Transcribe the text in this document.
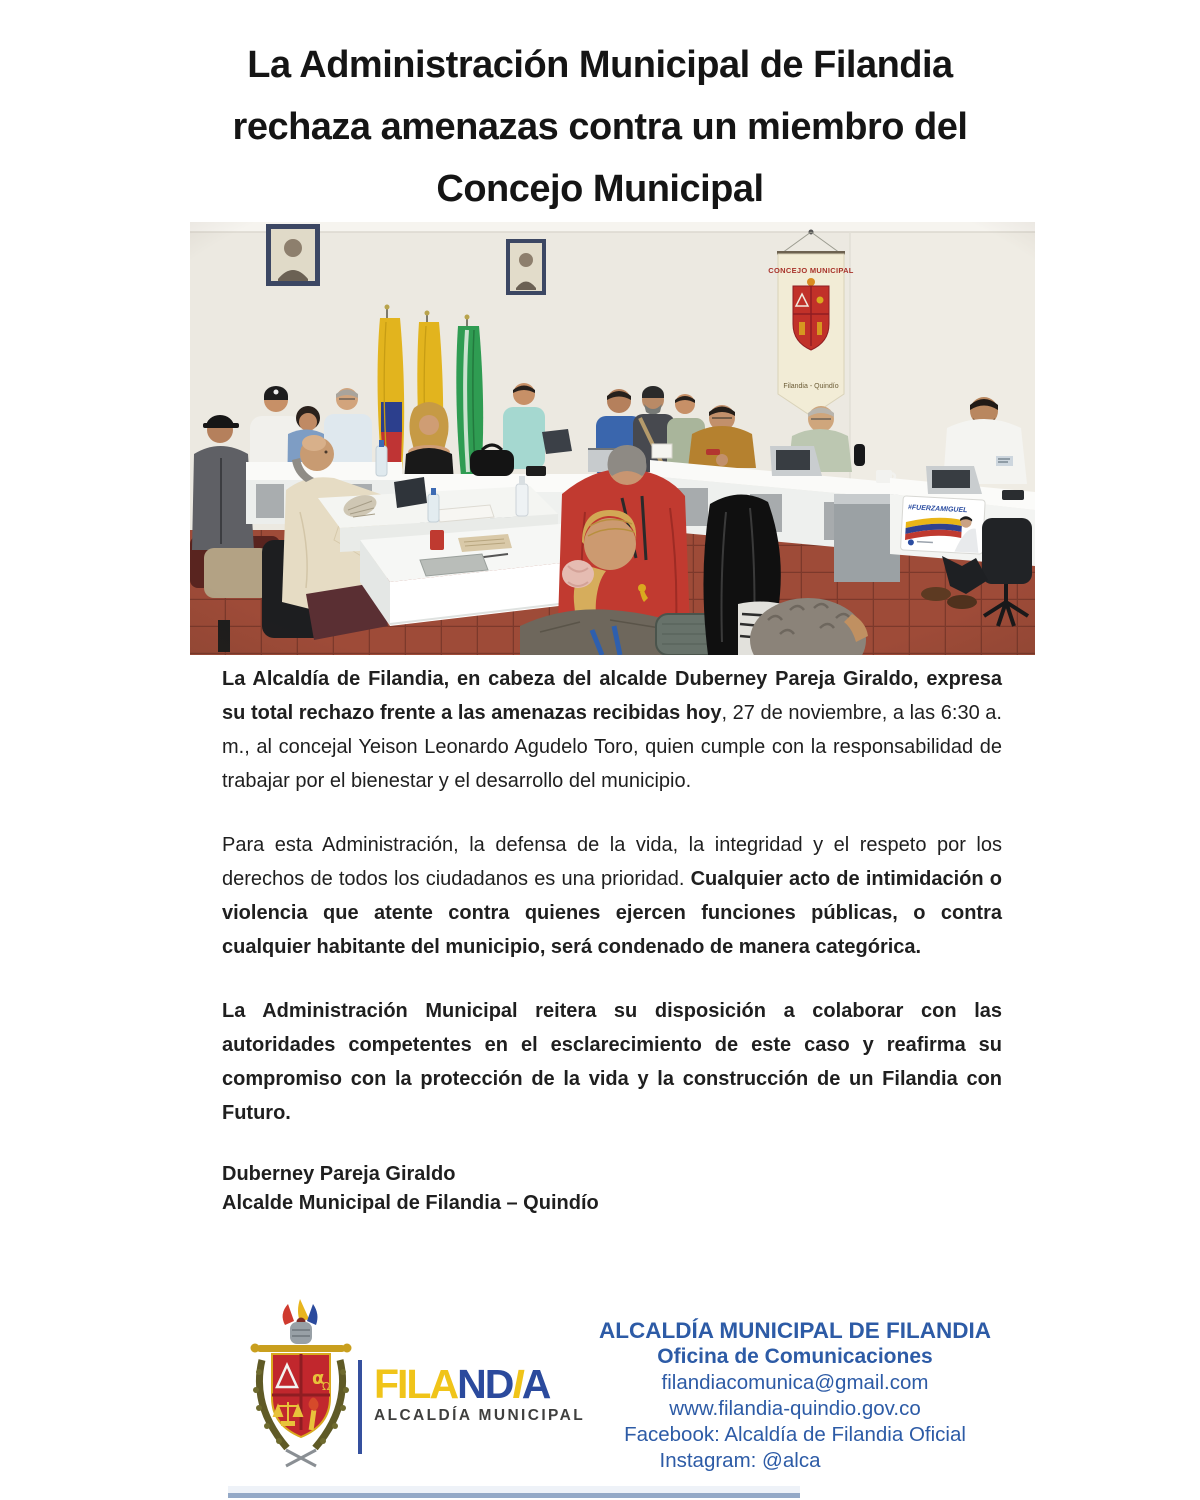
La Administración Municipal de Filandia
rechaza amenazas contra un miembro del
Concejo Municipal

La Alcaldía de Filandia, en cabeza del alcalde Duberney Pareja Giraldo, expresa su total rechazo frente a las amenazas recibidas hoy, 27 de noviembre, a las 6:30 a. m., al concejal Yeison Leonardo Agudelo Toro, quien cumple con la responsabilidad de trabajar por el bienestar y el desarrollo del municipio.

Para esta Administración, la defensa de la vida, la integridad y el respeto por los derechos de todos los ciudadanos es una prioridad. Cualquier acto de intimidación o violencia que atente contra quienes ejercen funciones públicas, o contra cualquier habitante del municipio, será condenado de manera categórica.

La Administración Municipal reitera su disposición a colaborar con las autoridades competentes en el esclarecimiento de este caso y reafirma su compromiso con la protección de la vida y la construcción de un Filandia con Futuro.

Duberney Pareja Giraldo
Alcalde Municipal de Filandia – Quindío
α
Ω FILANDIA
ALCALDÍA MUNICIPAL
ALCALDÍA MUNICIPAL DE FILANDIA
Oficina de Comunicaciones
filandiacomunica@gmail.com
www.filandia-quindio.gov.co
Facebook: Alcaldía de Filandia Oficial
Instagram: @alca
